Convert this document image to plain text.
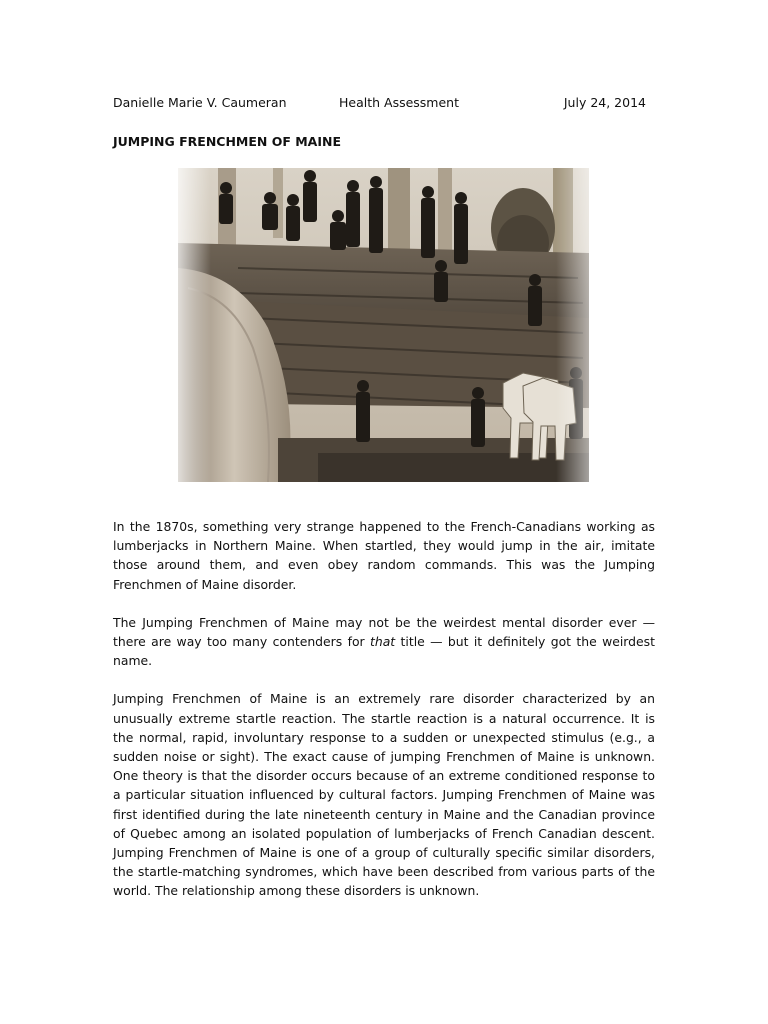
Danielle Marie V. Caumeran	Health Assessment	July 24, 2014
JUMPING FRENCHMEN OF MAINE

In the 1870s, something very strange happened to the French-Canadians working as lumberjacks in Northern Maine. When startled, they would jump in the air, imitate those around them, and even obey random commands. This was the Jumping Frenchmen of Maine disorder.

The Jumping Frenchmen of Maine may not be the weirdest mental disorder ever — there are way too many contenders for that title — but it definitely got the weirdest name.

Jumping Frenchmen of Maine is an extremely rare disorder characterized by an unusually extreme startle reaction. The startle reaction is a natural occurrence. It is the normal, rapid, involuntary response to a sudden or unexpected stimulus (e.g., a sudden noise or sight). The exact cause of jumping Frenchmen of Maine is unknown. One theory is that the disorder occurs because of an extreme conditioned response to a particular situation influenced by cultural factors. Jumping Frenchmen of Maine was first identified during the late nineteenth century in Maine and the Canadian province of Quebec among an isolated population of lumberjacks of French Canadian descent. Jumping Frenchmen of Maine is one of a group of culturally specific similar disorders, the startle-matching syndromes, which have been described from various parts of the world. The relationship among these disorders is unknown.
